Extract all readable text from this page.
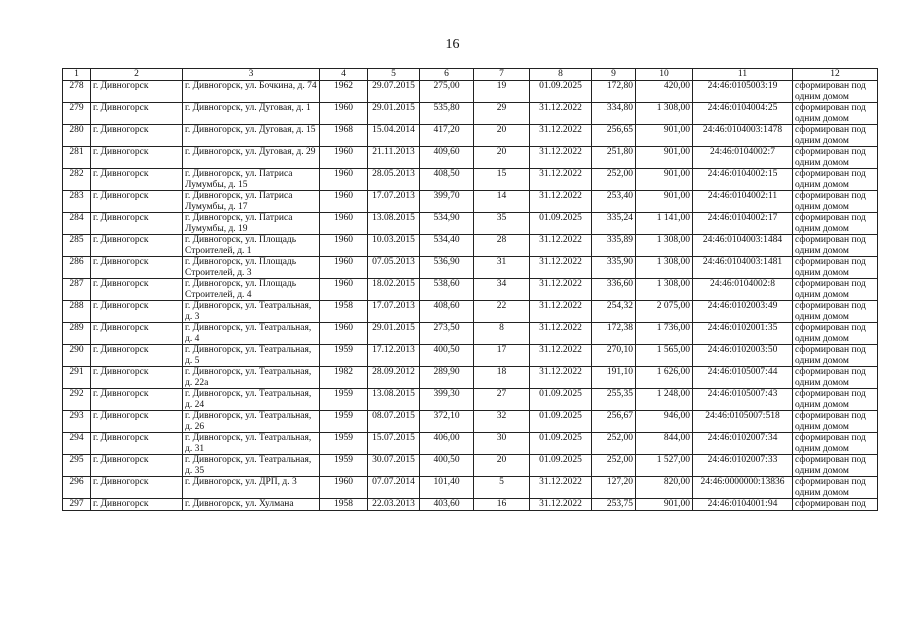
16
1	2	3	4	5	6	7	8	9	10	11	12
278	г. Дивногорск	г. Дивногорск, ул. Бочкина, д. 74	1962	29.07.2015	275,00	19	01.09.2025	172,80	420,00	24:46:0105003:19	сформирован под одним домом
279	г. Дивногорск	г. Дивногорск, ул. Дуговая, д. 1	1960	29.01.2015	535,80	29	31.12.2022	334,80	1 308,00	24:46:0104004:25	сформирован под одним домом
280	г. Дивногорск	г. Дивногорск, ул. Дуговая, д. 15	1968	15.04.2014	417,20	20	31.12.2022	256,65	901,00	24:46:0104003:1478	сформирован под одним домом
281	г. Дивногорск	г. Дивногорск, ул. Дуговая, д. 29	1960	21.11.2013	409,60	20	31.12.2022	251,80	901,00	24:46:0104002:7	сформирован под одним домом
282	г. Дивногорск	г. Дивногорск, ул. Патриса Лумумбы, д. 15	1960	28.05.2013	408,50	15	31.12.2022	252,00	901,00	24:46:0104002:15	сформирован под одним домом
283	г. Дивногорск	г. Дивногорск, ул. Патриса Лумумбы, д. 17	1960	17.07.2013	399,70	14	31.12.2022	253,40	901,00	24:46:0104002:11	сформирован под одним домом
284	г. Дивногорск	г. Дивногорск, ул. Патриса Лумумбы, д. 19	1960	13.08.2015	534,90	35	01.09.2025	335,24	1 141,00	24:46:0104002:17	сформирован под одним домом
285	г. Дивногорск	г. Дивногорск, ул. Площадь Строителей, д. 1	1960	10.03.2015	534,40	28	31.12.2022	335,89	1 308,00	24:46:0104003:1484	сформирован под одним домом
286	г. Дивногорск	г. Дивногорск, ул. Площадь Строителей, д. 3	1960	07.05.2013	536,90	31	31.12.2022	335,90	1 308,00	24:46:0104003:1481	сформирован под одним домом
287	г. Дивногорск	г. Дивногорск, ул. Площадь Строителей, д. 4	1960	18.02.2015	538,60	34	31.12.2022	336,60	1 308,00	24:46:0104002:8	сформирован под одним домом
288	г. Дивногорск	г. Дивногорск, ул. Театральная, д. 3	1958	17.07.2013	408,60	22	31.12.2022	254,32	2 075,00	24:46:0102003:49	сформирован под одним домом
289	г. Дивногорск	г. Дивногорск, ул. Театральная, д. 4	1960	29.01.2015	273,50	8	31.12.2022	172,38	1 736,00	24:46:0102001:35	сформирован под одним домом
290	г. Дивногорск	г. Дивногорск, ул. Театральная, д. 5	1959	17.12.2013	400,50	17	31.12.2022	270,10	1 565,00	24:46:0102003:50	сформирован под одним домом
291	г. Дивногорск	г. Дивногорск, ул. Театральная, д. 22а	1982	28.09.2012	289,90	18	31.12.2022	191,10	1 626,00	24:46:0105007:44	сформирован под одним домом
292	г. Дивногорск	г. Дивногорск, ул. Театральная, д. 24	1959	13.08.2015	399,30	27	01.09.2025	255,35	1 248,00	24:46:0105007:43	сформирован под одним домом
293	г. Дивногорск	г. Дивногорск, ул. Театральная, д. 26	1959	08.07.2015	372,10	32	01.09.2025	256,67	946,00	24:46:0105007:518	сформирован под одним домом
294	г. Дивногорск	г. Дивногорск, ул. Театральная, д. 31	1959	15.07.2015	406,00	30	01.09.2025	252,00	844,00	24:46:0102007:34	сформирован под одним домом
295	г. Дивногорск	г. Дивногорск, ул. Театральная, д. 35	1959	30.07.2015	400,50	20	01.09.2025	252,00	1 527,00	24:46:0102007:33	сформирован под одним домом
296	г. Дивногорск	г. Дивногорск, ул. ДРП, д. 3	1960	07.07.2014	101,40	5	31.12.2022	127,20	820,00	24:46:0000000:13836	сформирован под одним домом
297	г. Дивногорск	г. Дивногорск, ул. Хулмана	1958	22.03.2013	403,60	16	31.12.2022	253,75	901,00	24:46:0104001:94	сформирован под
